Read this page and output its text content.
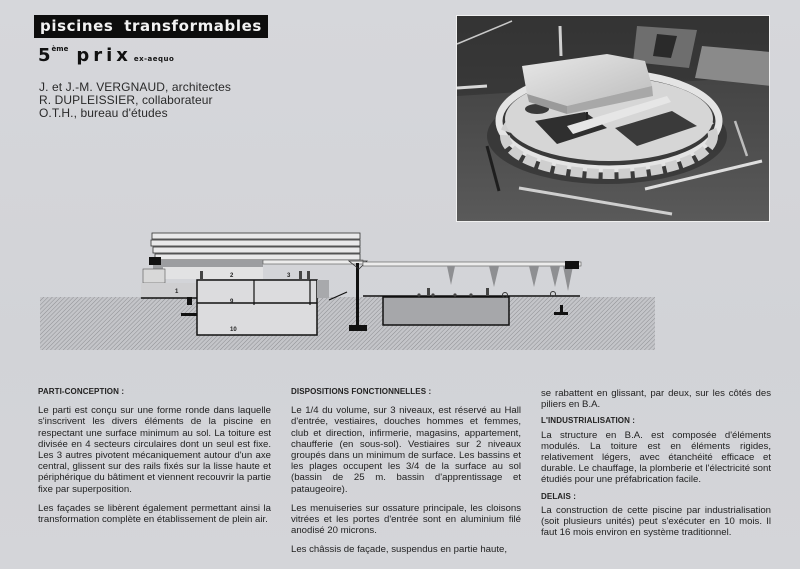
piscines transformables
5ème prix ex-aequo
J. et J.-M. VERGNAUD, architectes
R. DUPLEISSIER, collaborateur
O.T.H., bureau d'études
1
2	3
9
10
PARTI-CONCEPTION :

Le parti est conçu sur une forme ronde dans laquelle s'inscrivent les divers éléments de la piscine en respectant une surface minimum au sol. La toiture est divisée en 4 secteurs circulaires dont un seul est fixe. Les 3 autres pivotent mécaniquement autour d'un axe central, glissent sur des rails fixés sur la lisse haute et périphérique du bâtiment et viennent recouvrir la partie fixe par superposition.

Les façades se libèrent également permettant ainsi la transformation complète en établissement de plein air.

DISPOSITIONS FONCTIONNELLES :

Le 1/4 du volume, sur 3 niveaux, est réservé au Hall d'entrée, vestiaires, douches hommes et femmes, club et direction, infirmerie, magasins, appartement, chaufferie (en sous-sol). Vestiaires sur 2 niveaux groupés dans un minimum de surface. Les bassins et les plages occupent les 3/4 de la surface au sol (bassin de 25 m. bassin d'apprentissage et pataugeoire).

Les menuiseries sur ossature principale, les cloisons vitrées et les portes d'entrée sont en aluminium filé anodisé 20 microns.

Les châssis de façade, suspendus en partie haute,

se rabattent en glissant, par deux, sur les côtés des piliers en B.A.

L'INDUSTRIALISATION :

La structure en B.A. est composée d'éléments modulés. La toiture est en éléments rigides, relativement légers, avec étanchéité efficace et durable. Le chauffage, la plomberie et l'électricité sont étudiés pour une préfabrication facile.

DELAIS :

La construction de cette piscine par industrialisation (soit plusieurs unités) peut s'exécuter en 10 mois. Il faut 16 mois environ en système traditionnel.
